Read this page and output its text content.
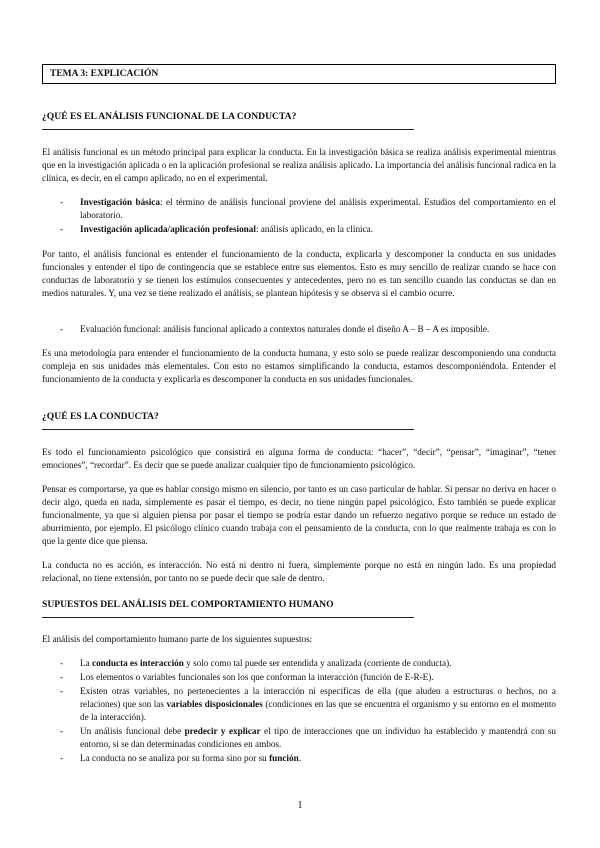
TEMA 3: EXPLICACIÓN

¿QUÉ ES EL ANÁLISIS FUNCIONAL DE LA CONDUCTA?

El análisis funcional es un método principal para explicar la conducta. En la investigación básica se realiza análisis experimental mientras que en la investigación aplicada o en la aplicación profesional se realiza análisis aplicado. La importancia del análisis funcional radica en la clínica, es decir, en el campo aplicado, no en el experimental.

- Investigación básica: el término de análisis funcional proviene del análisis experimental. Estudios del comportamiento en el laboratorio.
- Investigación aplicada/aplicación profesional: análisis aplicado, en la clínica.

Por tanto, el análisis funcional es entender el funcionamiento de la conducta, explicarla y descomponer la conducta en sus unidades funcionales y entender el tipo de contingencia que se establece entre sus elementos. Esto es muy sencillo de realizar cuando se hace con conductas de laboratorio y se tienen los estímulos consecuentes y antecedentes, pero no es tan sencillo cuando las conductas se dan en medios naturales. Y, una vez se tiene realizado el análisis, se plantean hipótesis y se observa si el cambio ocurre.

- Evaluación funcional: análisis funcional aplicado a contextos naturales donde el diseño A – B – A es imposible.

Es una metodología para entender el funcionamiento de la conducta humana, y esto solo se puede realizar descomponiendo una conducta compleja en sus unidades más elementales. Con esto no estamos simplificando la conducta, estamos descomponiéndola. Entender el funcionamiento de la conducta y explicarla es descomponer la conducta en sus unidades funcionales.

¿QUÉ ES LA CONDUCTA?

Es todo el funcionamiento psicológico que consistirá en alguna forma de conducta: “hacer”, “decir”, “pensar”, “imaginar”, “tener emociones”, “recordar”. Es decir que se puede analizar cualquier tipo de funcionamiento psicológico.

Pensar es comportarse, ya que es hablar consigo mismo en silencio, por tanto es un caso particular de hablar. Si pensar no deriva en hacer o decir algo, queda en nada, simplemente es pasar el tiempo, es decir, no tiene ningún papel psicológico. Esto también se puede explicar funcionalmente, ya que si alguien piensa por pasar el tiempo se podría estar dando un refuerzo negativo porque se reduce un estado de aburrimiento, por ejemplo. El psicólogo clínico cuando trabaja con el pensamiento de la conducta, con lo que realmente trabaja es con lo que la gente dice que piensa.

La conducta no es acción, es interacción. No está ni dentro ni fuera, simplemente porque no está en ningún lado. Es una propiedad relacional, no tiene extensión, por tanto no se puede decir que sale de dentro.

SUPUESTOS DEL ANÁLISIS DEL COMPORTAMIENTO HUMANO

El análisis del comportamiento humano parte de los siguientes supuestos:

- La conducta es interacción y solo como tal puede ser entendida y analizada (corriente de conducta).
- Los elementos o variables funcionales son los que conforman la interacción (función de E-R-E).
- Existen otras variables, no pertenecientes a la interacción ni específicas de ella (que aluden a estructuras o hechos, no a relaciones) que son las variables disposicionales (condiciones en las que se encuentra el organismo y su entorno en el momento de la interacción).
- Un análisis funcional debe predecir y explicar el tipo de interacciones que un individuo ha establecido y mantendrá con su entorno, si se dan determinadas condiciones en ambos.
- La conducta no se analiza por su forma sino por su función.
1
